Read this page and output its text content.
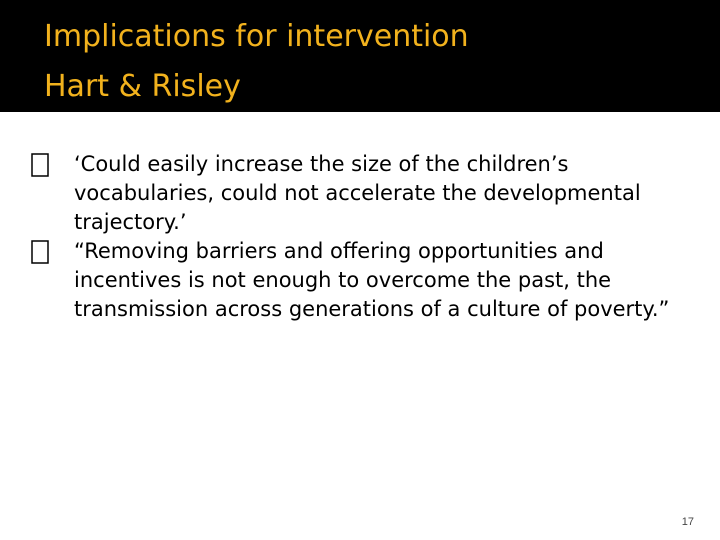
Implications for intervention
Hart & Risley

‘Could easily increase the size of the children’s vocabularies, could not accelerate the developmental trajectory.’

“Removing barriers and offering opportunities and incentives is not enough to overcome the past, the transmission across generations of a culture of poverty.”

17
